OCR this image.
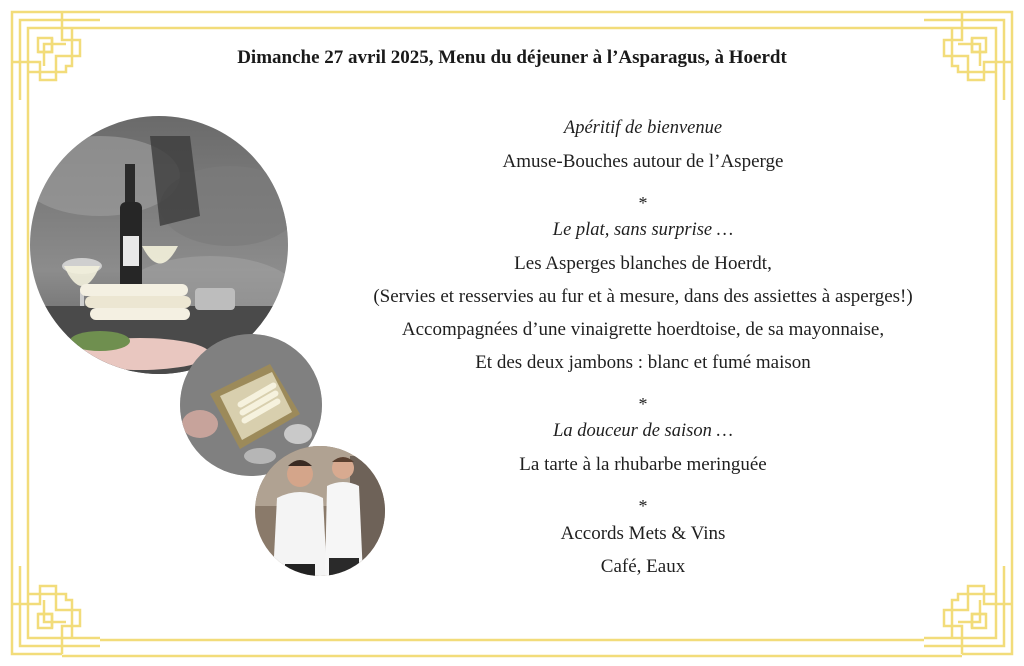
Dimanche 27 avril 2025, Menu du déjeuner à l’Asparagus, à Hoerdt
Apéritif de bienvenue
Amuse-Bouches autour de l’Asperge
*
Le plat, sans surprise …
Les Asperges blanches de Hoerdt,
(Servies et resservies au fur et à mesure, dans des assiettes à asperges!)
Accompagnées d’une vinaigrette hoerdtoise, de sa mayonnaise,
Et des deux jambons : blanc et fumé maison
*
La douceur de saison …
La tarte à la rhubarbe meringuée
*
Accords Mets & Vins
Café, Eaux
